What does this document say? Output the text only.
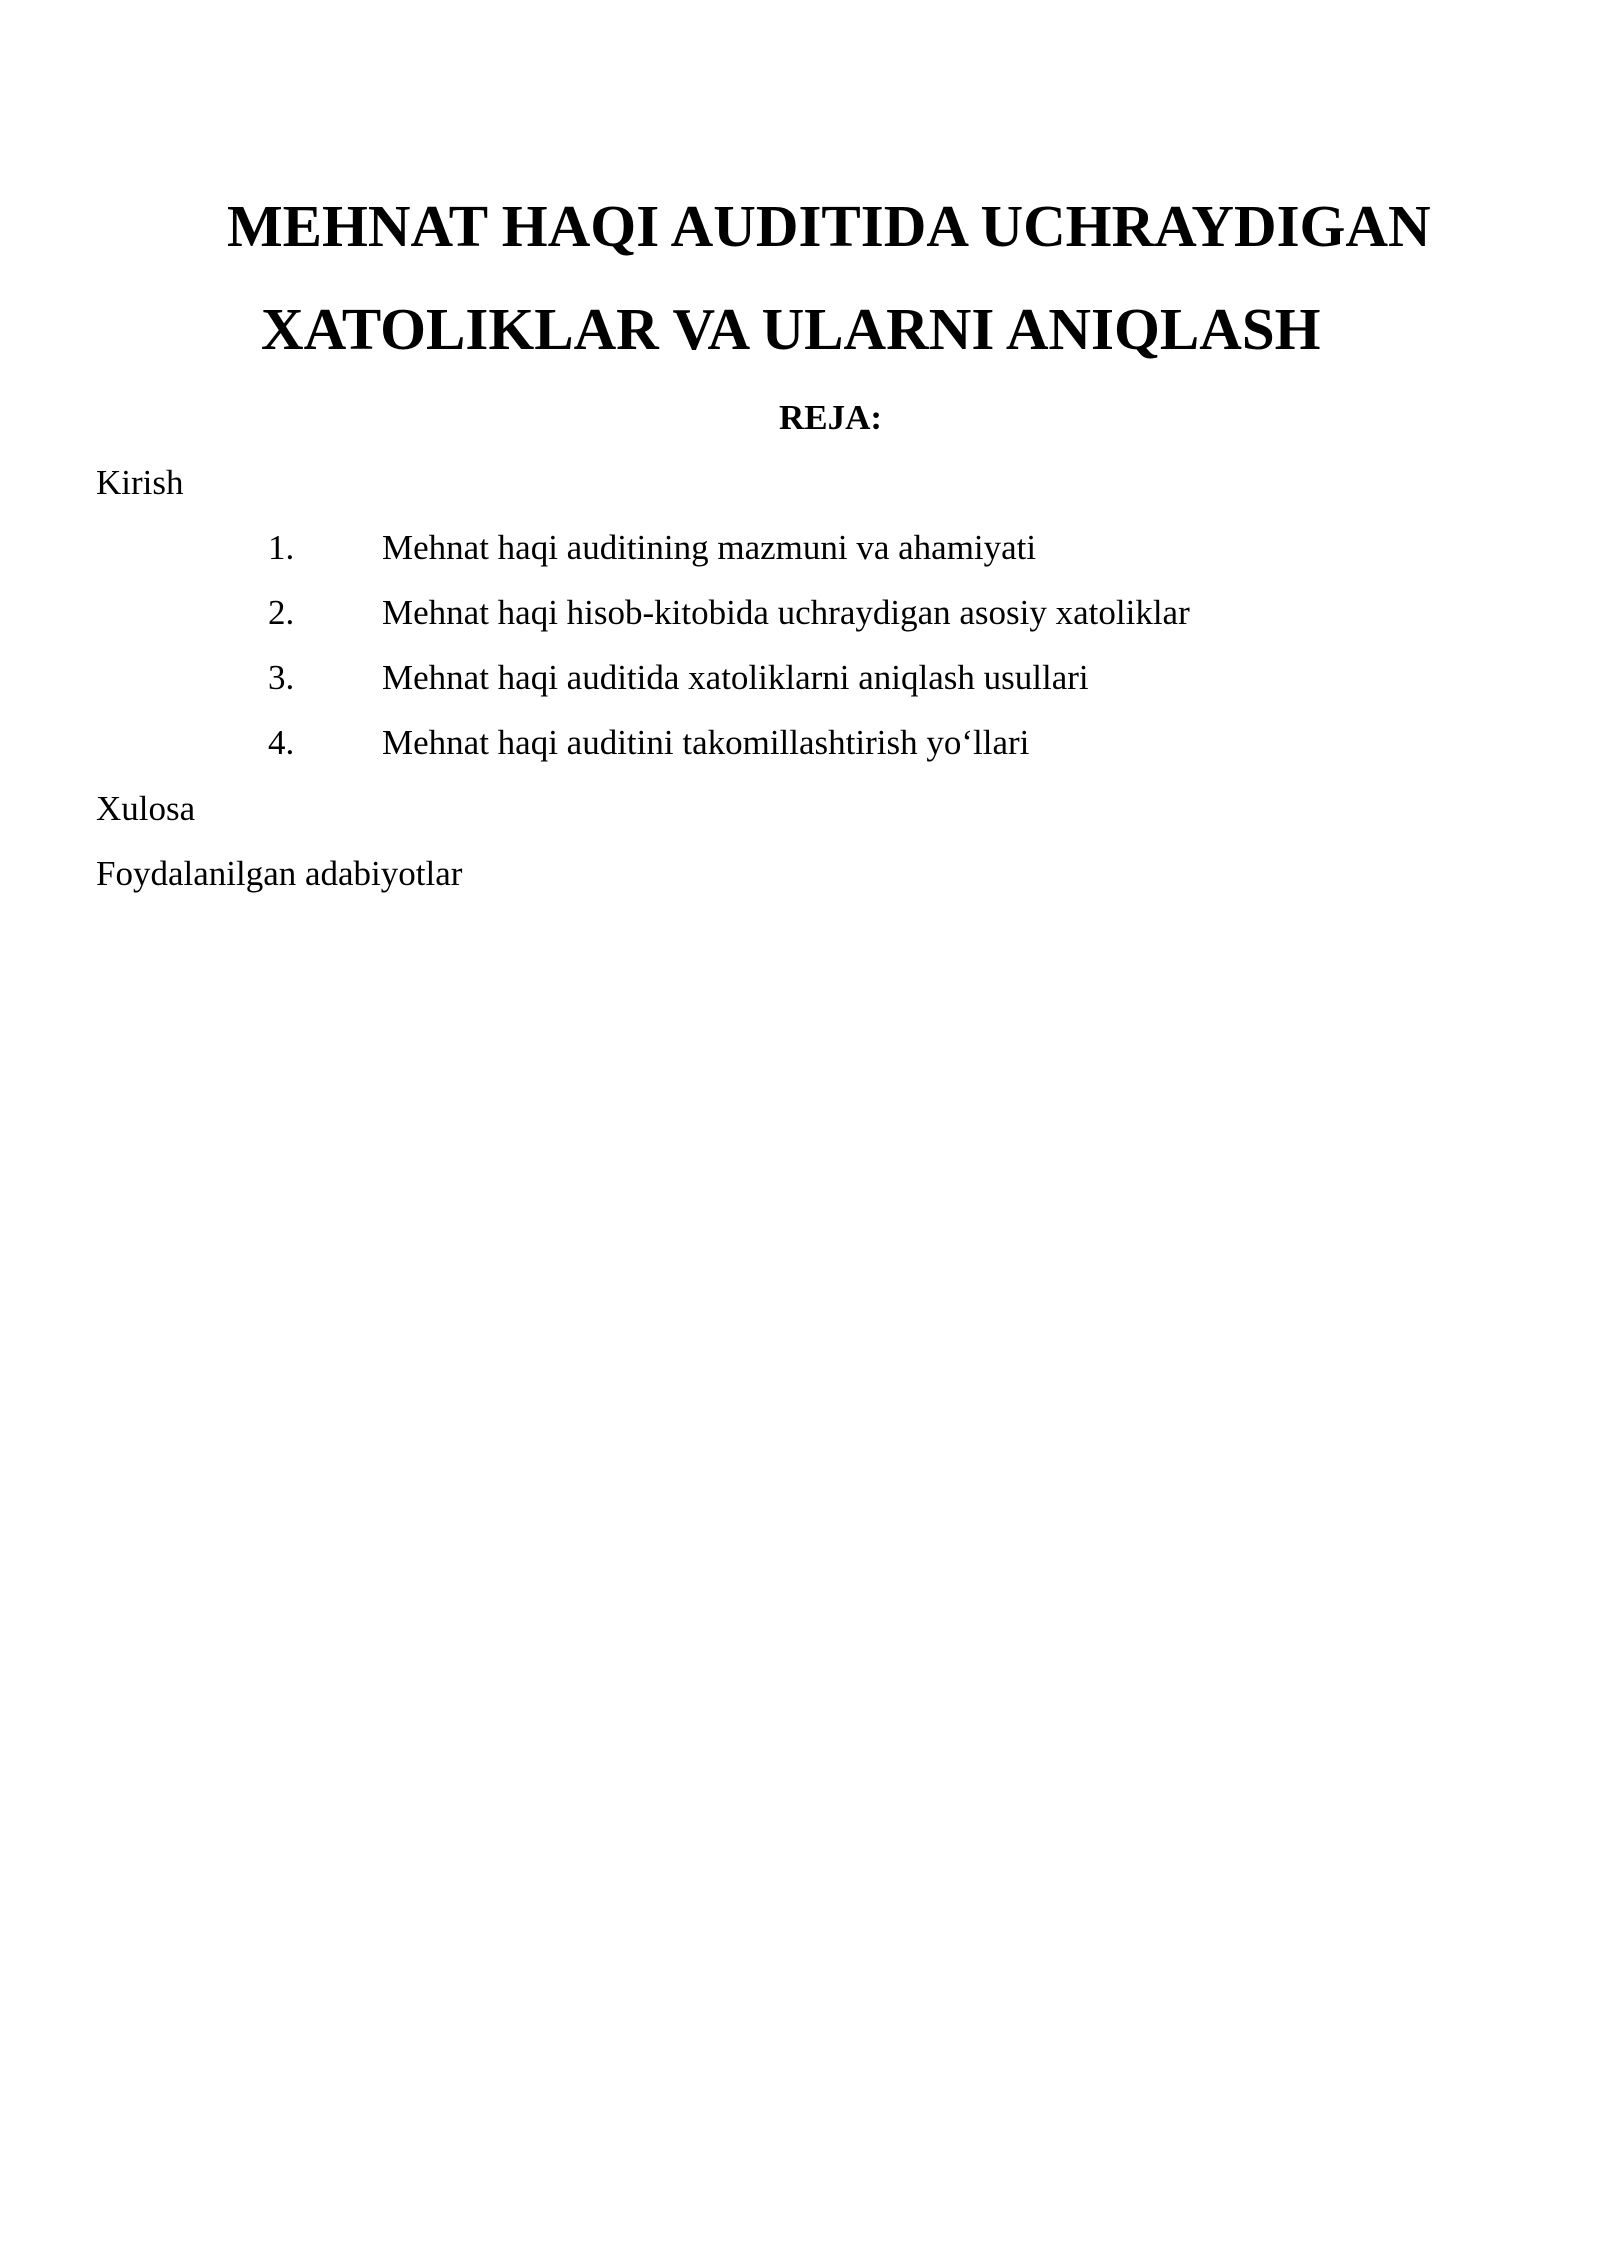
MEHNAT HAQI AUDITIDA UCHRAYDIGAN
XATOLIKLAR VA ULARNI ANIQLASH
REJA:

Kirish

1.	Mehnat haqi auditining mazmuni va ahamiyati
2.	Mehnat haqi hisob-kitobida uchraydigan asosiy xatoliklar
3.	Mehnat haqi auditida xatoliklarni aniqlash usullari
4.	Mehnat haqi auditini takomillashtirish yo‘llari

Xulosa

Foydalanilgan adabiyotlar
